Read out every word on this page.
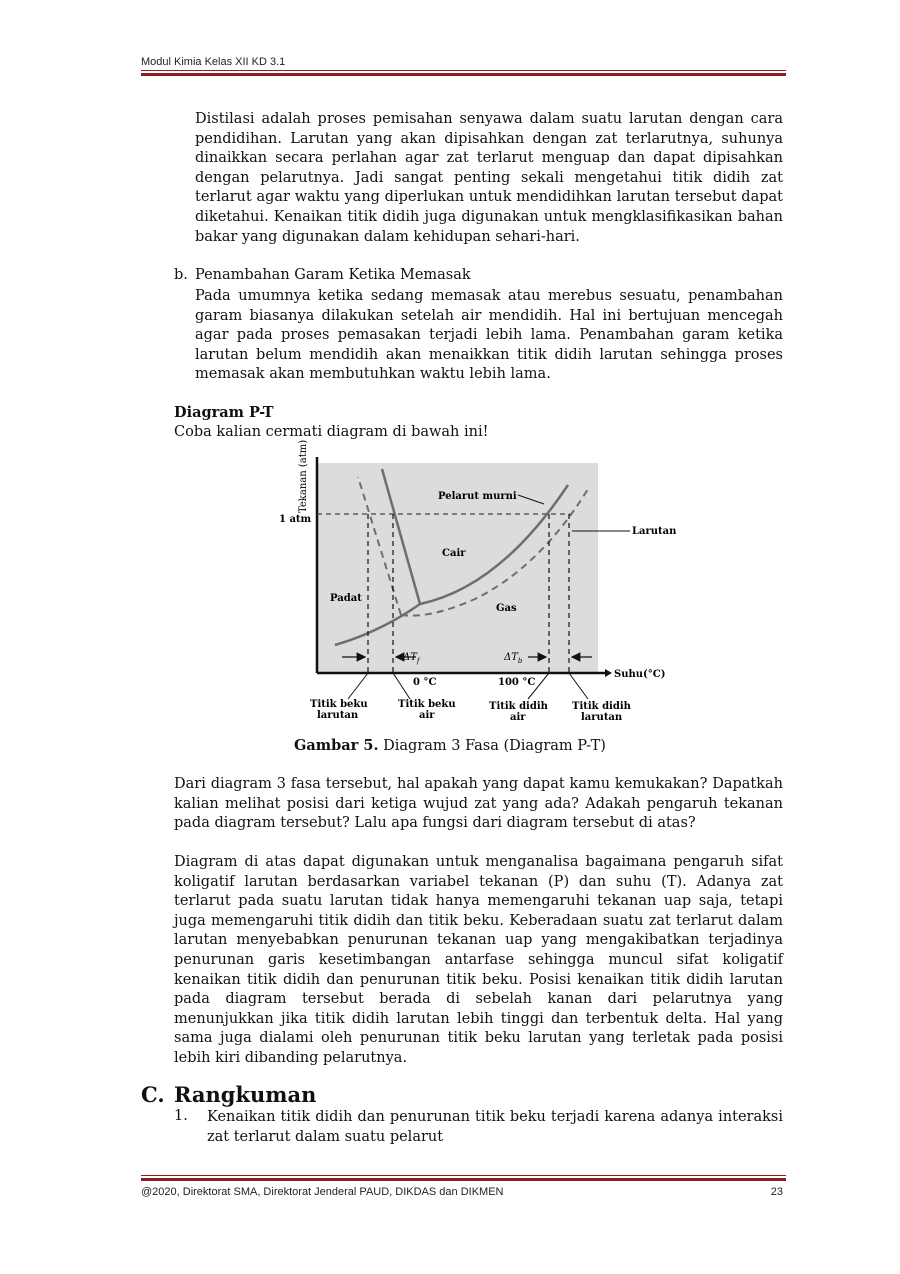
Modul Kimia Kelas XII KD 3.1

Distilasi adalah proses pemisahan senyawa dalam suatu larutan dengan cara pendidihan. Larutan yang akan dipisahkan dengan zat terlarutnya, suhunya dinaikkan secara perlahan agar zat terlarut menguap dan dapat dipisahkan dengan pelarutnya. Jadi sangat penting sekali mengetahui titik didih zat terlarut agar waktu yang diperlukan untuk mendidihkan larutan tersebut dapat diketahui. Kenaikan titik didih juga digunakan untuk mengklasifikasikan bahan bakar yang digunakan dalam kehidupan sehari-hari.

b. Penambahan Garam Ketika Memasak

Pada umumnya ketika sedang memasak atau merebus sesuatu, penambahan garam biasanya dilakukan setelah air mendidih. Hal ini bertujuan mencegah agar pada proses pemasakan terjadi lebih lama. Penambahan garam ketika larutan belum mendidih akan menaikkan titik didih larutan sehingga proses memasak akan membutuhkan waktu lebih lama.

Diagram P-T
Coba kalian cermati diagram di bawah ini!
Tekanan (atm)
1 atm
Pelarut murni
Larutan
Cair
Padat
Gas
$\Delta T_f$	$\Delta T_b$
Suhu(°C)
0 °C	100 °C
Titik beku
larutan
Titik beku
air
Titik didih
air
Titik didih
larutan
Gambar 5. Diagram 3 Fasa (Diagram P-T)

Dari diagram 3 fasa tersebut, hal apakah yang dapat kamu kemukakan? Dapatkah kalian melihat posisi dari ketiga wujud zat yang ada? Adakah pengaruh tekanan pada diagram tersebut? Lalu apa fungsi dari diagram tersebut di atas?

Diagram di atas dapat digunakan untuk menganalisa bagaimana pengaruh sifat koligatif larutan berdasarkan variabel tekanan (P) dan suhu (T). Adanya zat terlarut pada suatu larutan tidak hanya memengaruhi tekanan uap saja, tetapi juga memengaruhi titik didih dan titik beku. Keberadaan suatu zat terlarut dalam larutan menyebabkan penurunan tekanan uap yang mengakibatkan terjadinya penurunan garis kesetimbangan antarfase sehingga muncul sifat koligatif kenaikan titik didih dan penurunan titik beku. Posisi kenaikan titik didih larutan pada diagram tersebut berada di sebelah kanan dari pelarutnya yang menunjukkan jika titik didih larutan lebih tinggi dan terbentuk delta. Hal yang sama juga dialami oleh penurunan titik beku larutan yang terletak pada posisi lebih kiri dibanding pelarutnya.

C. Rangkuman
1. Kenaikan titik didih dan penurunan titik beku terjadi karena adanya interaksi zat terlarut dalam suatu pelarut

@2020, Direktorat SMA, Direktorat Jenderal PAUD, DIKDAS dan DIKMEN	23
